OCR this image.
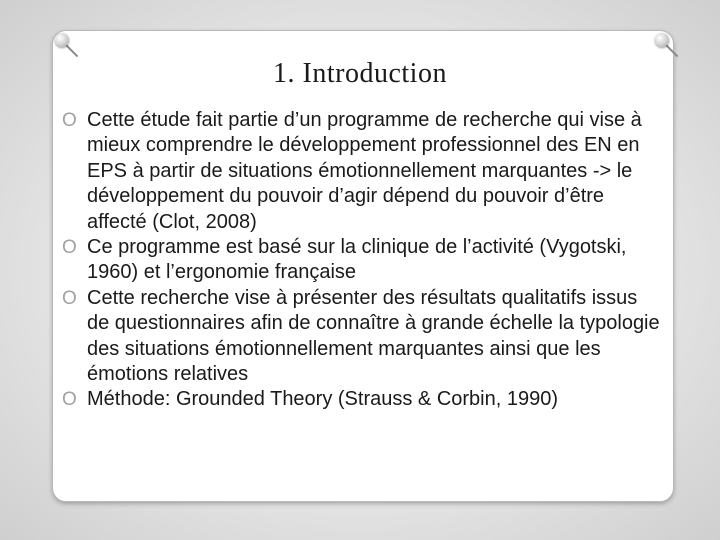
1. Introduction
O Cette étude fait partie d’un programme de recherche qui vise à mieux comprendre le développement professionnel des EN en EPS à partir de situations émotionnellement marquantes -> le développement du pouvoir d’agir dépend du pouvoir d’être affecté (Clot, 2008)
O Ce programme est basé sur la clinique de l’activité (Vygotski, 1960) et l’ergonomie française
O Cette recherche vise à présenter des résultats qualitatifs issus de questionnaires afin de connaître à grande échelle la typologie des situations émotionnellement marquantes ainsi que les émotions relatives
O Méthode: Grounded Theory (Strauss & Corbin, 1990)
